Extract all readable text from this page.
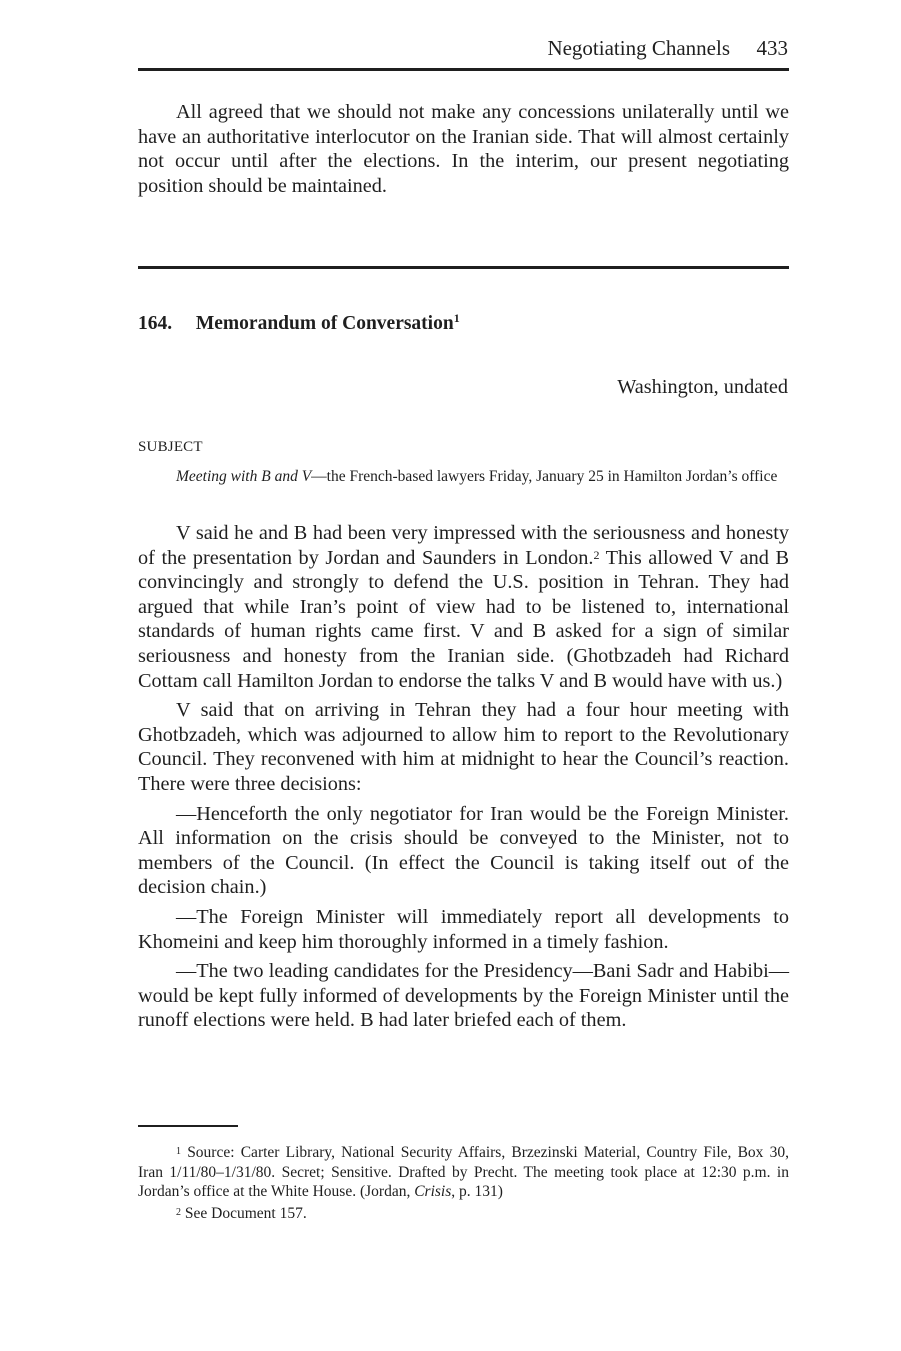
Negotiating Channels 433

All agreed that we should not make any concessions unilaterally until we have an authoritative interlocutor on the Iranian side. That will almost certainly not occur until after the elections. In the interim, our present negotiating position should be maintained.

164. Memorandum of Conversation$^1$
Washington, undated
SUBJECT
Meeting with B and V—the French-based lawyers Friday, January 25 in Hamilton Jordan’s office

V said he and B had been very impressed with the seriousness and honesty of the presentation by Jordan and Saunders in London.$^2$ This allowed V and B convincingly and strongly to defend the U.S. position in Tehran. They had argued that while Iran’s point of view had to be listened to, international standards of human rights came first. V and B asked for a sign of similar seriousness and honesty from the Iranian side. (Ghotbzadeh had Richard Cottam call Hamilton Jordan to endorse the talks V and B would have with us.)

V said that on arriving in Tehran they had a four hour meeting with Ghotbzadeh, which was adjourned to allow him to report to the Revolutionary Council. They reconvened with him at midnight to hear the Council’s reaction. There were three decisions:

—Henceforth the only negotiator for Iran would be the Foreign Minister. All information on the crisis should be conveyed to the Minister, not to members of the Council. (In effect the Council is taking itself out of the decision chain.)

—The Foreign Minister will immediately report all developments to Khomeini and keep him thoroughly informed in a timely fashion.

—The two leading candidates for the Presidency—Bani Sadr and Habibi—would be kept fully informed of developments by the Foreign Minister until the runoff elections were held. B had later briefed each of them.

$^1$ Source: Carter Library, National Security Affairs, Brzezinski Material, Country File, Box 30, Iran 1/11/80–1/31/80. Secret; Sensitive. Drafted by Precht. The meeting took place at 12:30 p.m. in Jordan’s office at the White House. (Jordan, Crisis, p. 131)

$^2$ See Document 157.
